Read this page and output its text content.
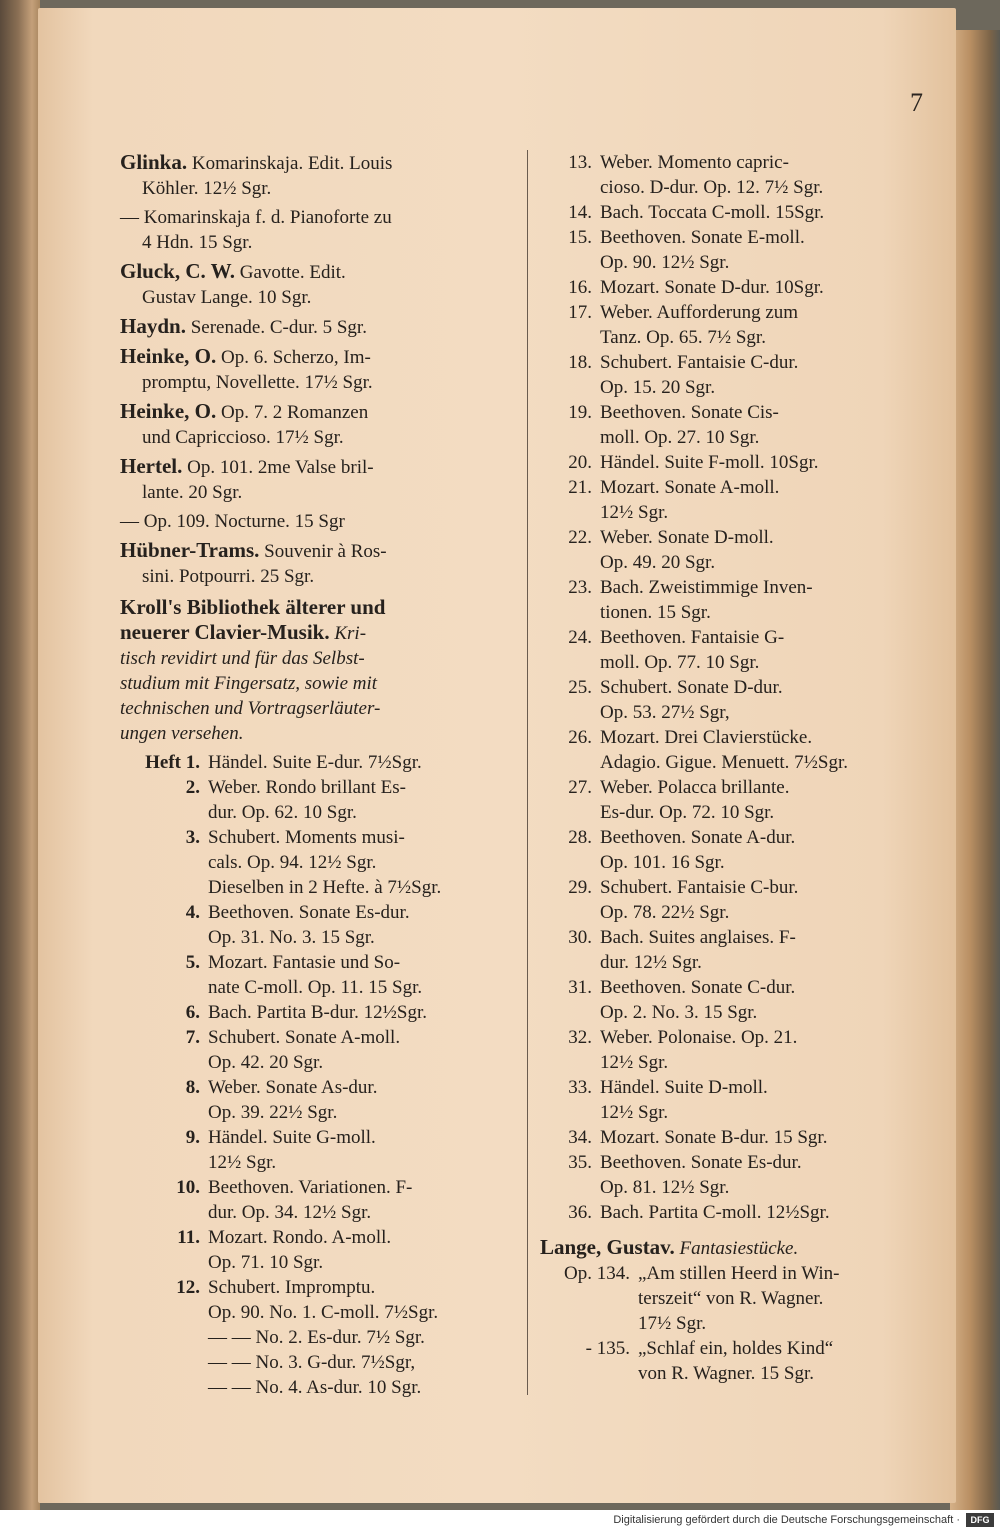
7
Glinka. Komarinskaja. Edit. Louis
Köhler. 12½ Sgr.
— Komarinskaja f. d. Pianoforte zu
4 Hdn. 15 Sgr.
Gluck, C. W. Gavotte. Edit.
Gustav Lange. 10 Sgr.
Haydn. Serenade. C-dur. 5 Sgr.
Heinke, O. Op. 6. Scherzo, Im-
promptu, Novellette. 17½ Sgr.
Heinke, O. Op. 7. 2 Romanzen
und Capriccioso. 17½ Sgr.
Hertel. Op. 101. 2me Valse bril-
lante. 20 Sgr.
— Op. 109. Nocturne. 15 Sgr
Hübner-Trams. Souvenir à Ros-
sini. Potpourri. 25 Sgr.
Kroll's Bibliothek älterer und
neuerer Clavier-Musik. Kri-
tisch revidirt und für das Selbst-
studium mit Fingersatz, sowie mit
technischen und Vortragserläuter-
ungen versehen.
Heft 1. Händel. Suite E-dur. 7½Sgr.
2. Weber. Rondo brillant Es-
dur. Op. 62. 10 Sgr.
3. Schubert. Moments musi-
cals. Op. 94. 12½ Sgr.
Dieselben in 2 Hefte. à 7½Sgr.
4. Beethoven. Sonate Es-dur.
Op. 31. No. 3. 15 Sgr.
5. Mozart. Fantasie und So-
nate C-moll. Op. 11. 15 Sgr.
6. Bach. Partita B-dur. 12½Sgr.
7. Schubert. Sonate A-moll.
Op. 42. 20 Sgr.
8. Weber. Sonate As-dur.
Op. 39. 22½ Sgr.
9. Händel. Suite G-moll.
12½ Sgr.
10. Beethoven. Variationen. F-
dur. Op. 34. 12½ Sgr.
11. Mozart. Rondo. A-moll.
Op. 71. 10 Sgr.
12. Schubert. Impromptu.
Op. 90. No. 1. C-moll. 7½Sgr.
— — No. 2. Es-dur. 7½ Sgr.
— — No. 3. G-dur. 7½Sgr,
— — No. 4. As-dur. 10 Sgr.
13. Weber. Momento capric-
cioso. D-dur. Op. 12. 7½ Sgr.
14. Bach. Toccata C-moll. 15Sgr.
15. Beethoven. Sonate E-moll.
Op. 90. 12½ Sgr.
16. Mozart. Sonate D-dur. 10Sgr.
17. Weber. Aufforderung zum
Tanz. Op. 65. 7½ Sgr.
18. Schubert. Fantaisie C-dur.
Op. 15. 20 Sgr.
19. Beethoven. Sonate Cis-
moll. Op. 27. 10 Sgr.
20. Händel. Suite F-moll. 10Sgr.
21. Mozart. Sonate A-moll.
12½ Sgr.
22. Weber. Sonate D-moll.
Op. 49. 20 Sgr.
23. Bach. Zweistimmige Inven-
tionen. 15 Sgr.
24. Beethoven. Fantaisie G-
moll. Op. 77. 10 Sgr.
25. Schubert. Sonate D-dur.
Op. 53. 27½ Sgr,
26. Mozart. Drei Clavierstücke.
Adagio. Gigue. Menuett. 7½Sgr.
27. Weber. Polacca brillante.
Es-dur. Op. 72. 10 Sgr.
28. Beethoven. Sonate A-dur.
Op. 101. 16 Sgr.
29. Schubert. Fantaisie C-bur.
Op. 78. 22½ Sgr.
30. Bach. Suites anglaises. F-
dur. 12½ Sgr.
31. Beethoven. Sonate C-dur.
Op. 2. No. 3. 15 Sgr.
32. Weber. Polonaise. Op. 21.
12½ Sgr.
33. Händel. Suite D-moll.
12½ Sgr.
34. Mozart. Sonate B-dur. 15 Sgr.
35. Beethoven. Sonate Es-dur.
Op. 81. 12½ Sgr.
36. Bach. Partita C-moll. 12½Sgr.
Lange, Gustav. Fantasiestücke.
Op. 134. „Am stillen Heerd in Win-
terszeit“ von R. Wagner.
17½ Sgr.
- 135. „Schlaf ein, holdes Kind“
von R. Wagner. 15 Sgr.
Digitalisierung gefördert durch die Deutsche Forschungsgemeinschaft ·	DFG
